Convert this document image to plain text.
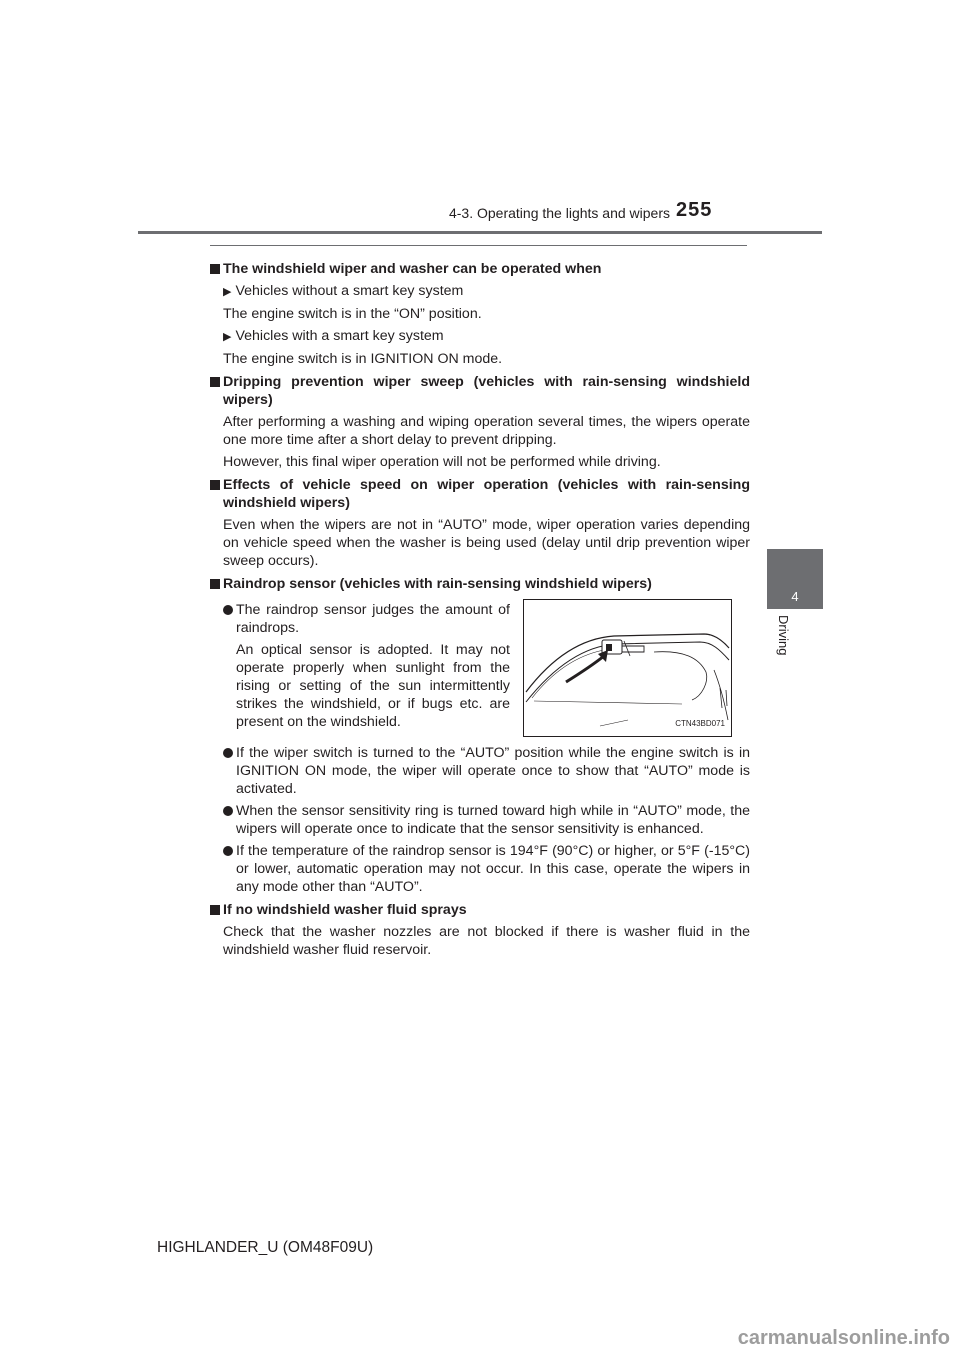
4-3. Operating the lights and wipers 255
4
Driving
The windshield wiper and washer can be operated when
▶ Vehicles without a smart key system
The engine switch is in the “ON” position.
▶ Vehicles with a smart key system
The engine switch is in IGNITION ON mode.
Dripping prevention wiper sweep (vehicles with rain-sensing windshield wipers)
After performing a washing and wiping operation several times, the wipers operate one more time after a short delay to prevent dripping.
However, this final wiper operation will not be performed while driving.
Effects of vehicle speed on wiper operation (vehicles with rain-sensing windshield wipers)
Even when the wipers are not in “AUTO” mode, wiper operation varies depending on vehicle speed when the washer is being used (delay until drip prevention wiper sweep occurs).
Raindrop sensor (vehicles with rain-sensing windshield wipers)
The raindrop sensor judges the amount of raindrops.
An optical sensor is adopted. It may not operate properly when sunlight from the rising or setting of the sun intermittently strikes the windshield, or if bugs etc. are present on the windshield.	CTN43BD071
If the wiper switch is turned to the “AUTO” position while the engine switch is in IGNITION ON mode, the wiper will operate once to show that “AUTO” mode is activated.
When the sensor sensitivity ring is turned toward high while in “AUTO” mode, the wipers will operate once to indicate that the sensor sensitivity is enhanced.
If the temperature of the raindrop sensor is 194°F (90°C) or higher, or 5°F (-15°C) or lower, automatic operation may not occur. In this case, operate the wipers in any mode other than “AUTO”.
If no windshield washer fluid sprays
Check that the washer nozzles are not blocked if there is washer fluid in the windshield washer fluid reservoir.
HIGHLANDER_U (OM48F09U)
carmanualsonline.info
